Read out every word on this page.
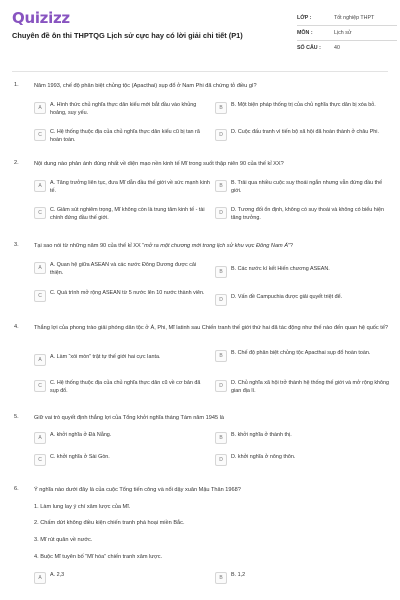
Quizizz
Chuyên đề ôn thi THPTQG Lịch sử cực hay có lời giải chi tiết (P1)
LỚP :	Tốt nghiệp THPT
MÔN :	Lịch sử
SỐ CÂU :	40
1.	Năm 1993, chế độ phân biệt chủng tộc (Apacthai) sụp đổ ở Nam Phi đã chứng tỏ điều gì?
A	A. Hình thức chủ nghĩa thực dân kiểu mới bắt đầu vào khủng hoảng, suy yếu.
B	B. Một biện pháp thống trị của chủ nghĩa thực dân bị xóa bỏ.
C	C. Hệ thống thuộc địa của chủ nghĩa thực dân kiểu cũ bị tan rã hoàn toàn.
D	D. Cuộc đấu tranh vì tiến bộ xã hội đã hoàn thành ở châu Phi.
2.	Nội dung nào phản ánh đúng nhất về diện mạo nền kinh tế Mĩ trong suốt thập niên 90 của thế kỉ XX?
A	A. Tăng trưởng liên tục, đưa Mĩ dẫn đầu thế giới về sức mạnh kinh tế.
B	B. Trải qua nhiều cuộc suy thoái ngắn nhưng vẫn đứng đầu thế giới.
C	C. Giảm sút nghiêm trọng, Mĩ không còn là trung tâm kinh tế - tài chính đứng đầu thế giới.
D	D. Tương đối ổn định, không có suy thoái và không có biểu hiện tăng trưởng.
3.	Tại sao nói từ những năm 90 của thế kỉ XX “mở ra một chương mới trong lịch sử khu vực Đông Nam Á”?
A	A. Quan hệ giữa ASEAN và các nước Đông Dương được cải thiện.	B	B. Các nước kí kết Hiến chương ASEAN.
C	C. Quá trình mở rộng ASEAN từ 5 nước lên 10 nước thành viên.
D	D. Vấn đề Campuchia được giải quyết triệt để.
4.	Thắng lợi của phong trào giải phóng dân tộc ở Á, Phi, Mĩ latinh sau Chiến tranh thế giới thứ hai đã tác động như thế nào đến quan hệ quốc tế?
A	A. Làm “xói mòn” trật tự thế giới hai cực Ianta.	B	B. Chế độ phân biệt chủng tộc Apacthai sụp đổ hoàn toàn.
C	C. Hệ thống thuộc địa của chủ nghĩa thực dân cũ về cơ bản đã sụp đổ.
D	D. Chủ nghĩa xã hội trở thành hệ thống thế giới và mở rộng không gian địa lí.
5.	Giữ vai trò quyết định thắng lợi của Tổng khởi nghĩa tháng Tám năm 1945 là
A	A. khởi nghĩa ở Đà Nẵng.	B	B. khởi nghĩa ở thành thị.
C	C. khởi nghĩa ở Sài Gòn.	D	D. khởi nghĩa ở nông thôn.
6.	Ý nghĩa nào dưới đây là của cuộc Tổng tiến công và nổi dậy xuân Mậu Thân 1968?
1. Làm lung lay ý chí xâm lược của Mĩ.
2. Chấm dứt không điều kiện chiến tranh phá hoại miền Bắc.
3. Mĩ rút quân về nước.
4. Buộc Mĩ tuyên bố “Mĩ hóa” chiến tranh xâm lược.
A	A. 2,3	B	B. 1,2
